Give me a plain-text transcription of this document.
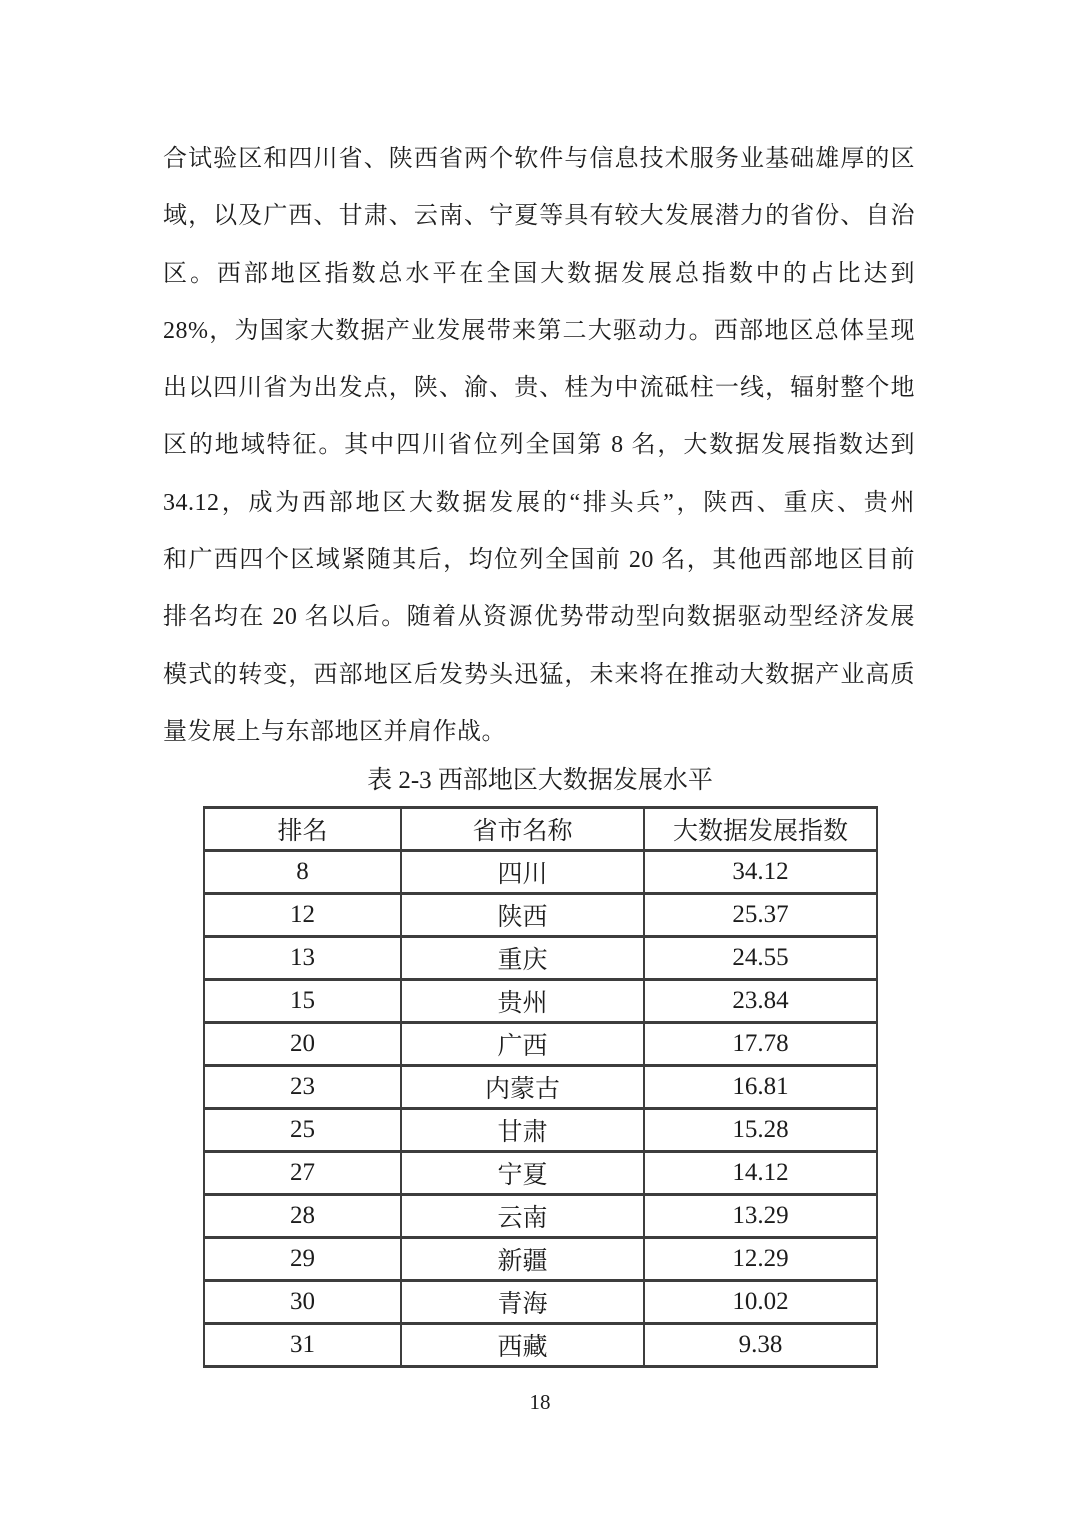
合试验区和四川省、陕西省两个软件与信息技术服务业基础雄厚的区
域，以及广西、甘肃、云南、宁夏等具有较大发展潜力的省份、自治
区。西部地区指数总水平在全国大数据发展总指数中的占比达到
28%，为国家大数据产业发展带来第二大驱动力。西部地区总体呈现
出以四川省为出发点，陕、渝、贵、桂为中流砥柱一线，辐射整个地
区的地域特征。其中四川省位列全国第 8 名，大数据发展指数达到
34.12，成为西部地区大数据发展的“排头兵”，陕西、重庆、贵州
和广西四个区域紧随其后，均位列全国前 20 名，其他西部地区目前
排名均在 20 名以后。随着从资源优势带动型向数据驱动型经济发展
模式的转变，西部地区后发势头迅猛，未来将在推动大数据产业高质
量发展上与东部地区并肩作战。
表 2-3 西部地区大数据发展水平
排名	省市名称	大数据发展指数
8	四川	34.12
12	陕西	25.37
13	重庆	24.55
15	贵州	23.84
20	广西	17.78
23	内蒙古	16.81
25	甘肃	15.28
27	宁夏	14.12
28	云南	13.29
29	新疆	12.29
30	青海	10.02
31	西藏	9.38
18
